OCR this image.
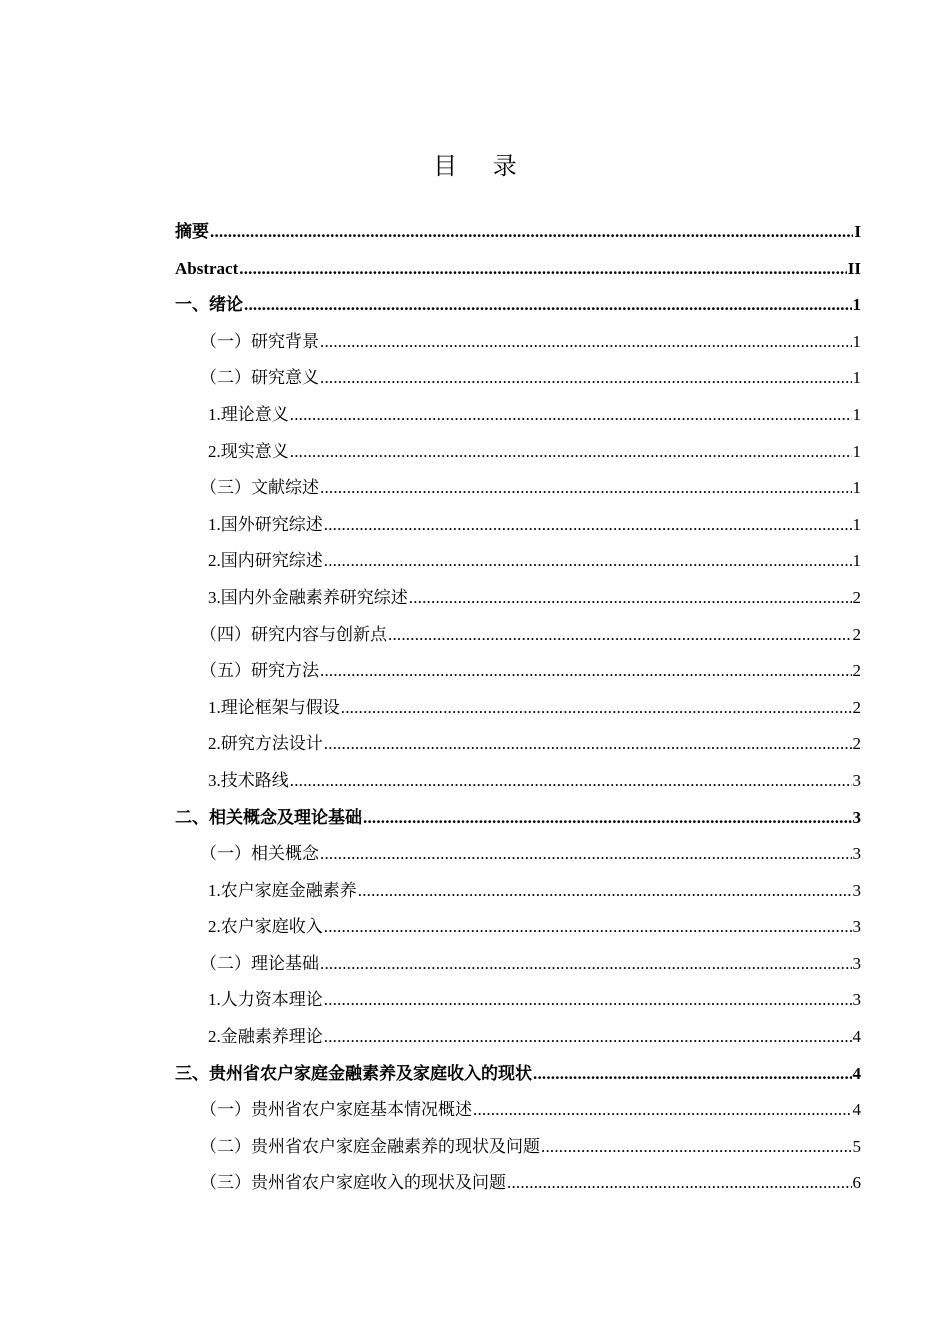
目 录
摘要 .....	I
Abstract .....	II
一、绪论 .....	1
（一）研究背景 .....	1
（二）研究意义 .....	1
1.理论意义 .....	1
2.现实意义 .....	1
（三）文献综述 .....	1
1.国外研究综述 .....	1
2.国内研究综述 .....	1
3.国内外金融素养研究综述 .....	2
（四）研究内容与创新点 .....	2
（五）研究方法 .....	2
1.理论框架与假设 .....	2
2.研究方法设计 .....	2
3.技术路线 .....	3
二、相关概念及理论基础 .....	3
（一）相关概念 .....	3
1.农户家庭金融素养 .....	3
2.农户家庭收入 .....	3
（二）理论基础 .....	3
1.人力资本理论 .....	3
2.金融素养理论 .....	4
三、贵州省农户家庭金融素养及家庭收入的现状 .....	4
（一）贵州省农户家庭基本情况概述 .....	4
（二）贵州省农户家庭金融素养的现状及问题 .....	5
（三）贵州省农户家庭收入的现状及问题 .....	6
